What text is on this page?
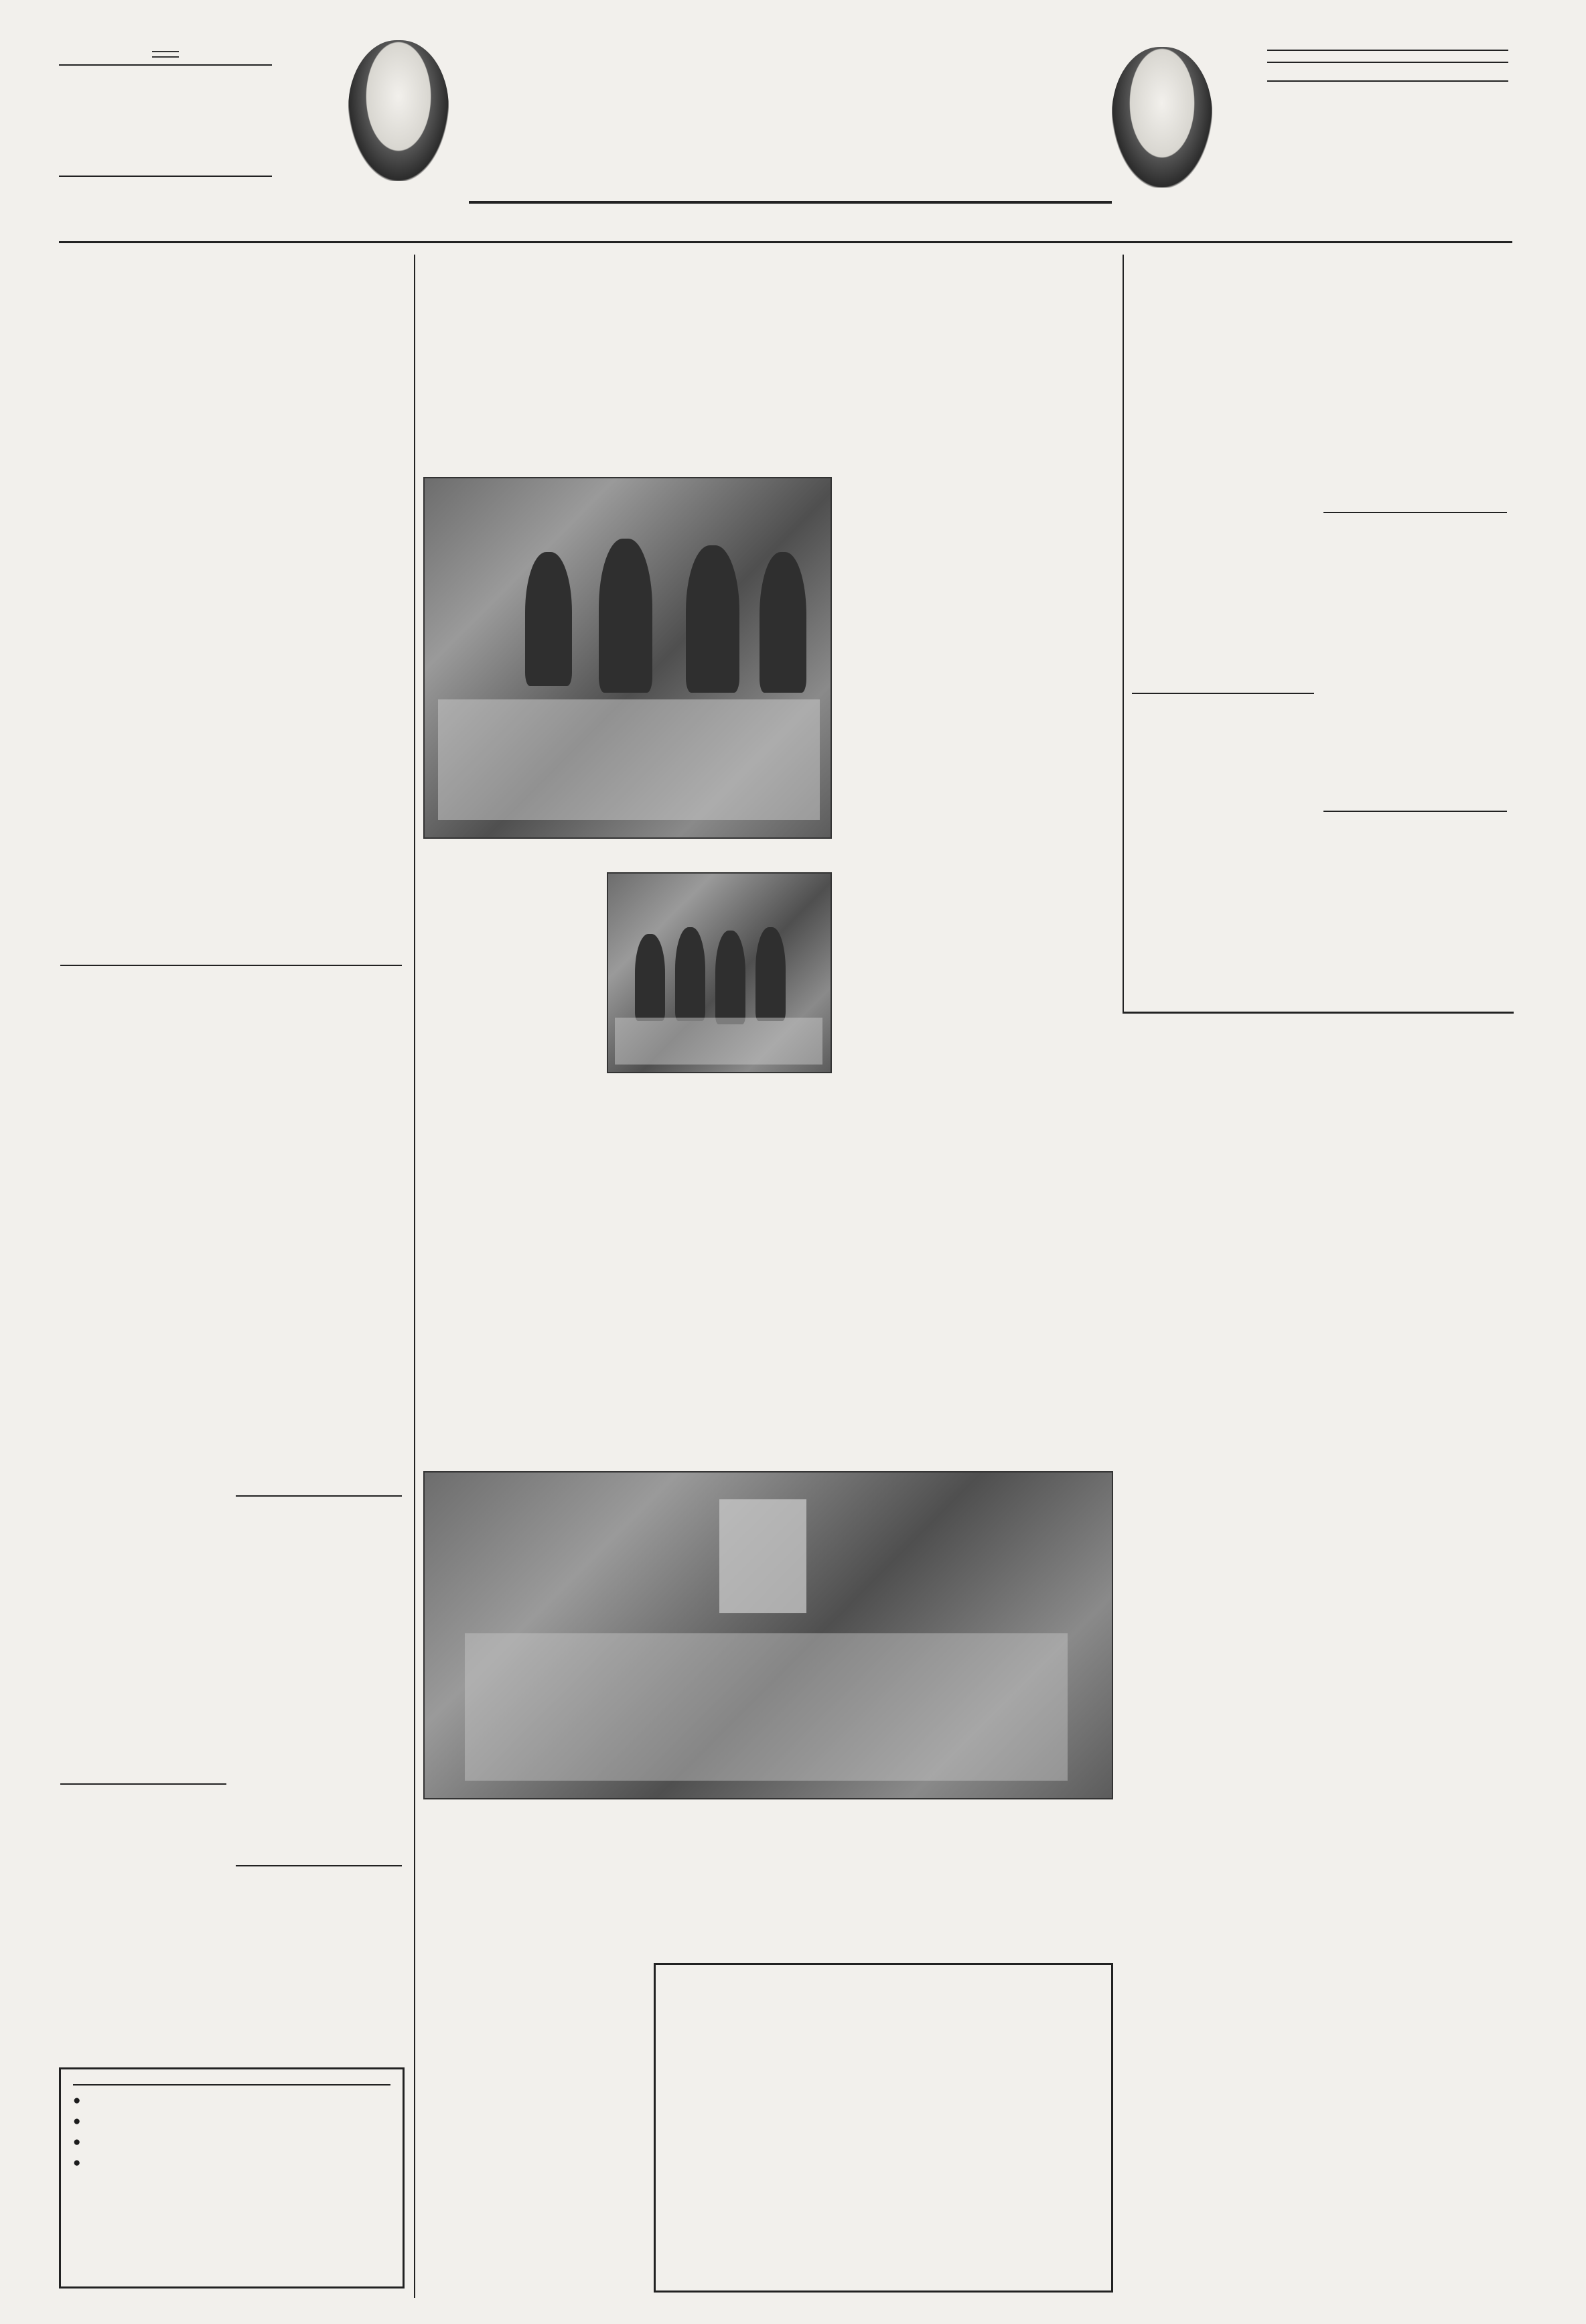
●
●
●
●
